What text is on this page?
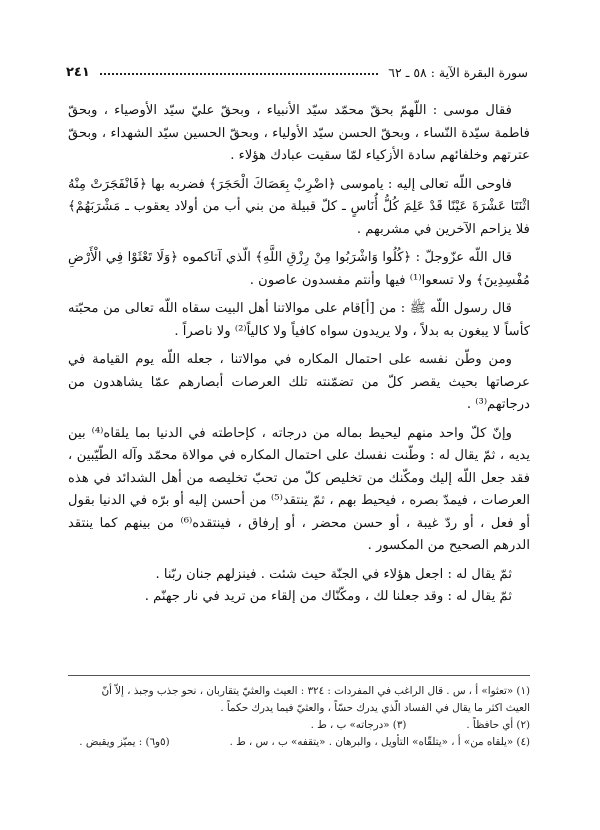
سورة البقرة الآية : ٥٨ ـ ٦٢
٢٤١

فقال موسى : اللّهمّ بحقّ محمّد سيّد الأنبياء ، وبحقّ عليّ سيّد الأوصياء ، وبحقّ فاطمة سيّدة النّساء ، وبحقّ الحسن سيّد الأولياء ، وبحقّ الحسين سيّد الشهداء ، وبحقّ عترتهم وخلفائهم سادة الأزكياء لمّا سقيت عبادك هؤلاء .

فاوحى اللّه تعالى إليه : ياموسى ﴿اضْرِبْ بِعَصَاكَ الْحَجَرَ﴾ فضربه بها ﴿فَانْفَجَرَتْ مِنْهُ اثْنَتَا عَشْرَةَ عَيْنًا قَدْ عَلِمَ كُلُّ أُنَاسٍ ـ كلّ قبيلة من بني أب من أولاد يعقوب ـ مَشْرَبَهُمْ﴾ فلا يزاحم الآخرين في مشربهم .

قال اللّه عزّوجلّ : ﴿كُلُوا وَاشْرَبُوا مِنْ رِزْقِ اللَّهِ﴾ الّذي آتاكموه ﴿وَلَا تَعْثَوْا فِي الْأَرْضِ مُفْسِدِينَ﴾ ولا تسعوا⁽¹⁾ فيها وأنتم مفسدون عاصون .

قال رسول اللّه ﷺ : من [أ]قام على موالاتنا أهل البيت سقاه اللّه تعالى من محبّته كأساً لا يبغون به بدلاً ، ولا يريدون سواه كافياً ولا كالياً⁽²⁾ ولا ناصراً .

ومن وطّن نفسه على احتمال المكاره في موالاتنا ، جعله اللّه يوم القيامة في عرصاتها بحيث يقصر كلّ من تضمّنته تلك العرصات أبصارهم عمّا يشاهدون من درجاتهم⁽³⁾ .

وإنّ كلّ واحد منهم ليحيط بماله من درجاته ، كإحاطته في الدنيا بما يلقاه⁽⁴⁾ بين يديه ، ثمّ يقال له : وطّنت نفسك على احتمال المكاره في موالاة محمّد وآله الطّيّبين ، فقد جعل اللّه إليك ومكّنك من تخليص كلّ من تحبّ تخليصه من أهل الشدائد في هذه العرصات ، فيمدّ بصره ، فيحيط بهم ، ثمّ ينتقد⁽⁵⁾ من أحسن إليه أو برّه في الدنيا بقول أو فعل ، أو ردّ غيبة ، أو حسن محضر ، أو إرفاق ، فينتقده⁽⁶⁾ من بينهم كما ينتقد الدرهم الصحيح من المكسور .

ثمّ يقال له : اجعل هؤلاء في الجنّة حيث شئت . فينزلهم جنان ربّنا .

ثمّ يقال له : وقد جعلنا لك ، ومكّنّاك من إلقاء من تريد في نار جهنّم .

(١) «تعثوا» أ ، س . قال الراغب في المفردات : ٣٢٤ : العيث والعثيّ يتقاربان ، نحو جذب وجبذ ، إلاّ أنّ
العيث اكثر ما يقال في الفساد الّذي يدرك حسّاً ، والعثيّ فيما يدرك حكماً .
(٢) أي حافظاً .
(٣) «درجاته» ب ، ط .
(٤) «يلقاه من» أ ، «يتلقّاه» التأويل ، والبرهان . «يتقفه» ب ، س ، ط .
(٥و٦) : يميّز ويقبض .
